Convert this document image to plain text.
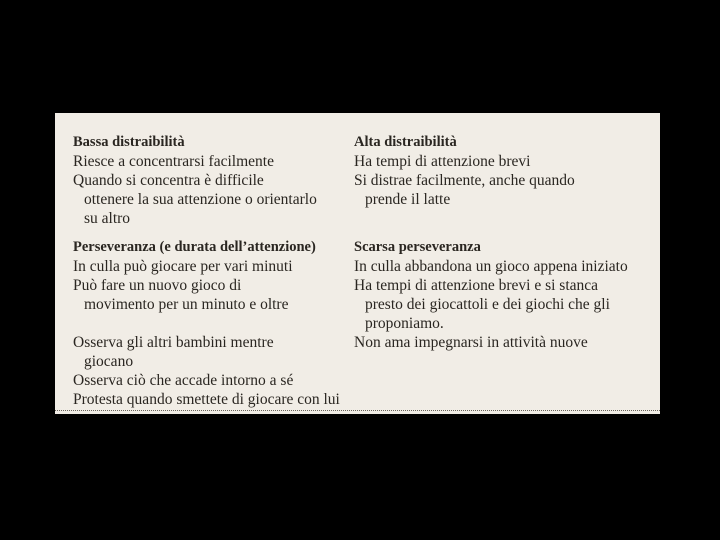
Bassa distraibilità
Riesce a concentrarsi facilmente
Quando si concentra è difficile
ottenere la sua attenzione o orientarlo
su altro
Perseveranza (e durata dell’attenzione)
In culla può giocare per vari minuti
Può fare un nuovo gioco di
movimento per un minuto e oltre
Osserva gli altri bambini mentre
giocano
Osserva ciò che accade intorno a sé
Protesta quando smettete di giocare con lui
Alta distraibilità
Ha tempi di attenzione brevi
Si distrae facilmente, anche quando
prende il latte
Scarsa perseveranza
In culla abbandona un gioco appena iniziato
Ha tempi di attenzione brevi e si stanca
presto dei giocattoli e dei giochi che gli
proponiamo.
Non ama impegnarsi in attività nuove
